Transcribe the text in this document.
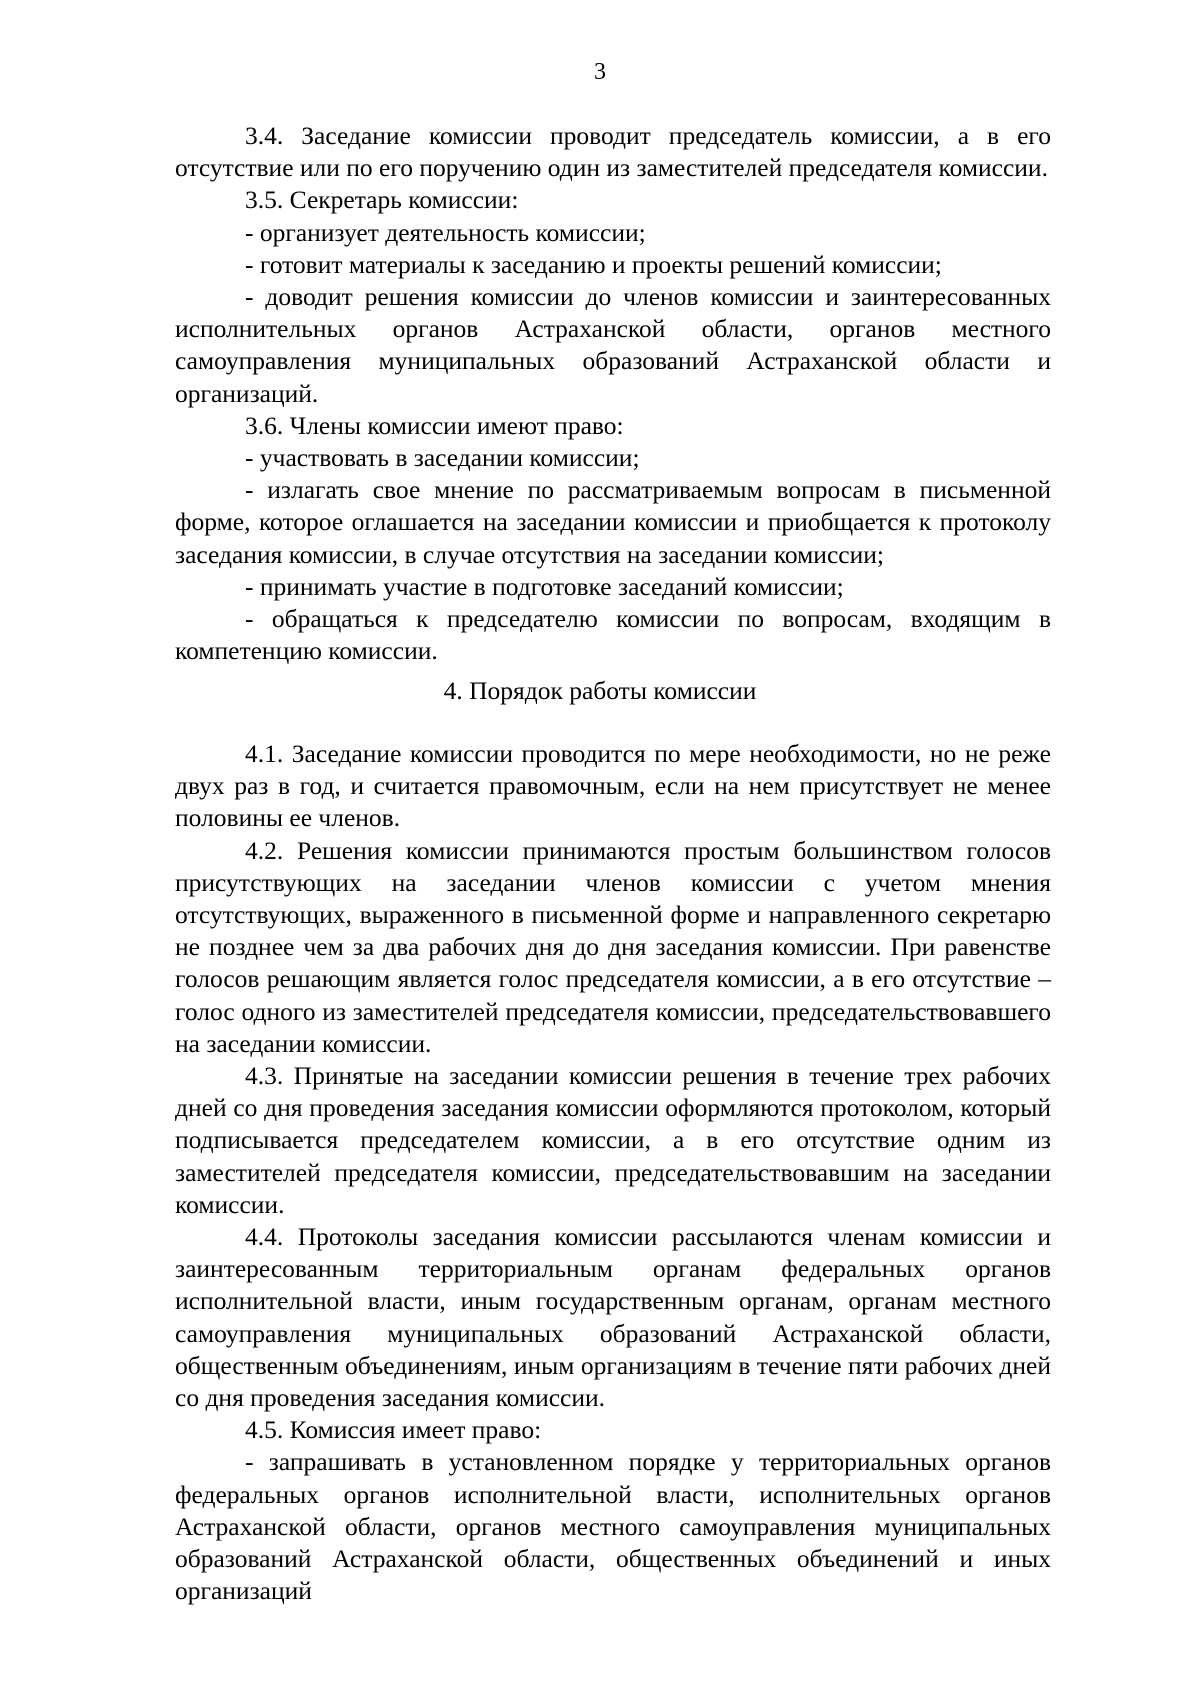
3

3.4. Заседание комиссии проводит председатель комиссии, а в его отсутствие или по его поручению один из заместителей председателя комиссии.

3.5. Секретарь комиссии:

- организует деятельность комиссии;

- готовит материалы к заседанию и проекты решений комиссии;

- доводит решения комиссии до членов комиссии и заинтересованных исполнительных органов Астраханской области, органов местного самоуправления муниципальных образований Астраханской области и организаций.

3.6. Члены комиссии имеют право:

- участвовать в заседании комиссии;

- излагать свое мнение по рассматриваемым вопросам в письменной форме, которое оглашается на заседании комиссии и приобщается к протоколу заседания комиссии, в случае отсутствия на заседании комиссии;

- принимать участие в подготовке заседаний комиссии;

- обращаться к председателю комиссии по вопросам, входящим в компетенцию комиссии.

4. Порядок работы комиссии

4.1. Заседание комиссии проводится по мере необходимости, но не реже двух раз в год, и считается правомочным, если на нем присутствует не менее половины ее членов.

4.2. Решения комиссии принимаются простым большинством голосов присутствующих на заседании членов комиссии с учетом мнения отсутствующих, выраженного в письменной форме и направленного секретарю не позднее чем за два рабочих дня до дня заседания комиссии. При равенстве голосов решающим является голос председателя комиссии, а в его отсутствие – голос одного из заместителей председателя комиссии, председательствовавшего на заседании комиссии.

4.3. Принятые на заседании комиссии решения в течение трех рабочих дней со дня проведения заседания комиссии оформляются протоколом, который подписывается председателем комиссии, а в его отсутствие одним из заместителей председателя комиссии, председательствовавшим на заседании комиссии.

4.4. Протоколы заседания комиссии рассылаются членам комиссии и заинтересованным территориальным органам федеральных органов исполнительной власти, иным государственным органам, органам местного самоуправления муниципальных образований Астраханской области, общественным объединениям, иным организациям в течение пяти рабочих дней со дня проведения заседания комиссии.

4.5. Комиссия имеет право:

- запрашивать в установленном порядке у территориальных органов федеральных органов исполнительной власти, исполнительных органов Астраханской области, органов местного самоуправления муниципальных образований Астраханской области, общественных объединений и иных организаций
